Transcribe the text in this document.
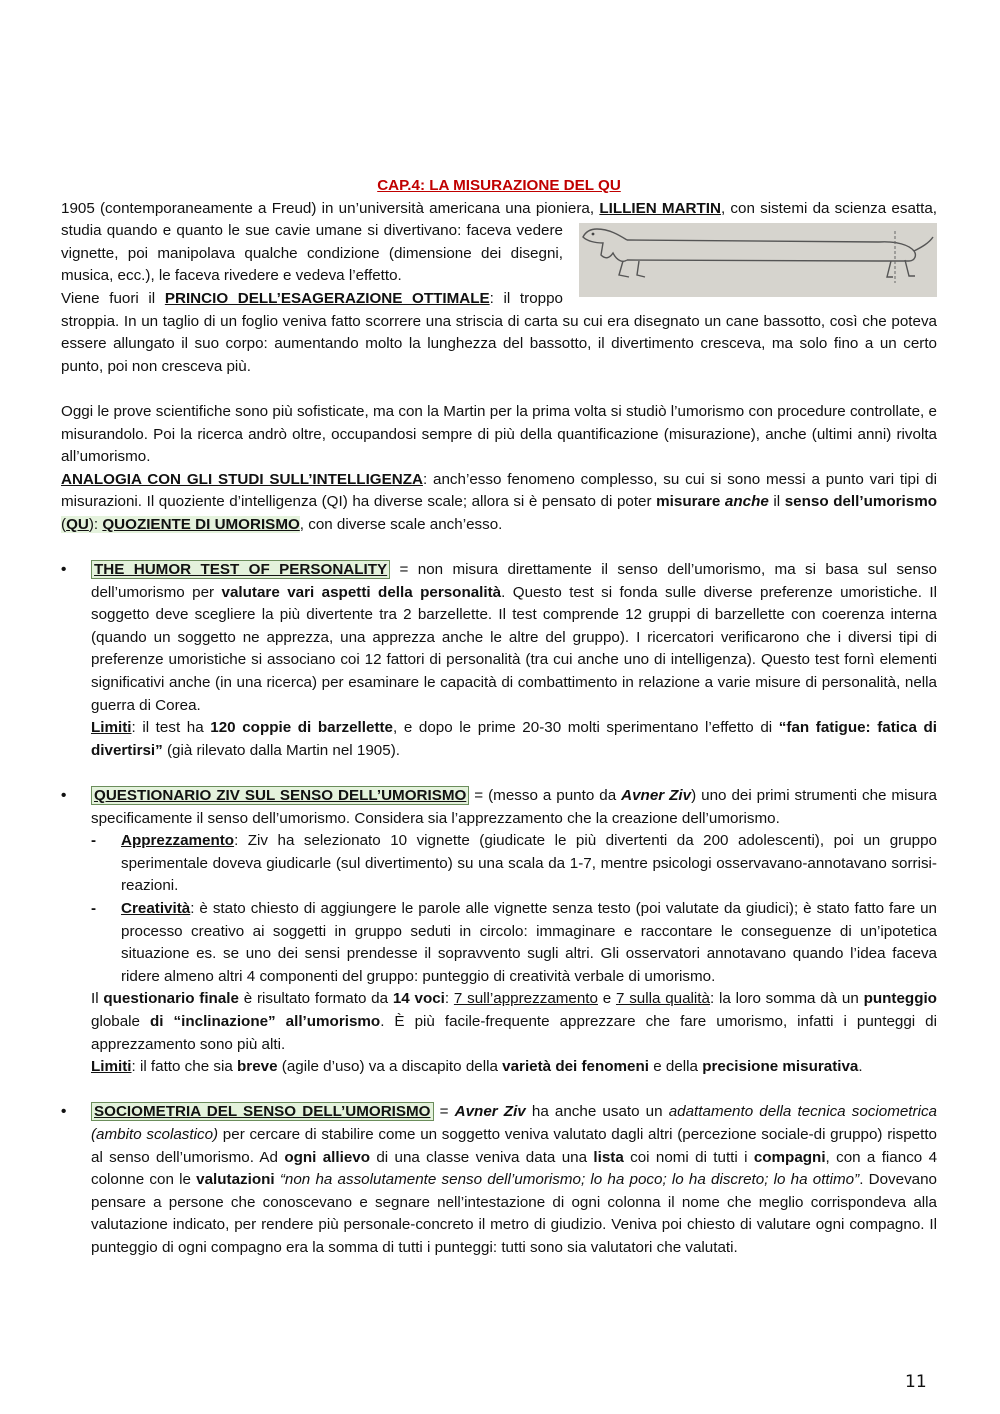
CAP.4: LA MISURAZIONE DEL QU

1905 (contemporaneamente a Freud) in un’università americana una pioniera, LILLIEN MARTIN
, con sistemi da scienza esatta, studia quando e quanto le sue cavie umane si divertivano: faceva vedere vignette, poi manipolava qualche condizione (dimensione dei disegni, musica, ecc.), le faceva rivedere e vedeva l’effetto.

Viene fuori il PRINCIO DELL’ESAGERAZIONE OTTIMALE: il troppo stroppia. In un taglio di un foglio veniva fatto scorrere una striscia di carta su cui era disegnato un cane bassotto, così che poteva essere allungato il suo corpo: aumentando molto la lunghezza del bassotto, il divertimento cresceva, ma solo fino a un certo punto, poi non cresceva più.

Oggi le prove scientifiche sono più sofisticate, ma con la Martin per la prima volta si studiò l’umorismo con procedure controllate, e misurandolo. Poi la ricerca andrò oltre, occupandosi sempre di più della quantificazione (misurazione), anche (ultimi anni) rivolta all’umorismo.

ANALOGIA CON GLI STUDI SULL’INTELLIGENZA: anch’esso fenomeno complesso, su cui si sono messi a punto vari tipi di misurazioni. Il quoziente d’intelligenza (QI) ha diverse scale; allora si è pensato di poter misurare anche il senso dell’umorismo (QU): QUOZIENTE DI UMORISMO, con diverse scale anch’esso.

• THE HUMOR TEST OF PERSONALITY = non misura direttamente il senso dell’umorismo, ma si basa sul senso dell’umorismo per valutare vari aspetti della personalità. Questo test si fonda sulle diverse preferenze umoristiche. Il soggetto deve scegliere la più divertente tra 2 barzellette. Il test comprende 12 gruppi di barzellette con coerenza interna (quando un soggetto ne apprezza, una apprezza anche le altre del gruppo). I ricercatori verificarono che i diversi tipi di preferenze umoristiche si associano coi 12 fattori di personalità (tra cui anche uno di intelligenza). Questo test fornì elementi significativi anche (in una ricerca) per esaminare le capacità di combattimento in relazione a varie misure di personalità, nella guerra di Corea.

Limiti: il test ha 120 coppie di barzellette, e dopo le prime 20-30 molti sperimentano l’effetto di “fan fatigue: fatica di divertirsi” (già rilevato dalla Martin nel 1905).

• QUESTIONARIO ZIV SUL SENSO DELL’UMORISMO = (messo a punto da Avner Ziv) uno dei primi strumenti che misura specificamente il senso dell’umorismo. Considera sia l’apprezzamento che la creazione dell’umorismo.

- Apprezzamento: Ziv ha selezionato 10 vignette (giudicate le più divertenti da 200 adolescenti), poi un gruppo sperimentale doveva giudicarle (sul divertimento) su una scala da 1-7, mentre psicologi osservavano-annotavano sorrisi-reazioni.

- Creatività: è stato chiesto di aggiungere le parole alle vignette senza testo (poi valutate da giudici); è stato fatto fare un processo creativo ai soggetti in gruppo seduti in circolo: immaginare e raccontare le conseguenze di un’ipotetica situazione es. se uno dei sensi prendesse il sopravvento sugli altri. Gli osservatori annotavano quando l’idea faceva ridere almeno altri 4 componenti del gruppo: punteggio di creatività verbale di umorismo.

Il questionario finale è risultato formato da 14 voci: 7 sull’apprezzamento e 7 sulla qualità: la loro somma dà un punteggio globale di “inclinazione” all’umorismo. È più facile-frequente apprezzare che fare umorismo, infatti i punteggi di apprezzamento sono più alti.

Limiti: il fatto che sia breve (agile d’uso) va a discapito della varietà dei fenomeni e della precisione misurativa.

• SOCIOMETRIA DEL SENSO DELL’UMORISMO = Avner Ziv ha anche usato un adattamento della tecnica sociometrica (ambito scolastico) per cercare di stabilire come un soggetto veniva valutato dagli altri (percezione sociale-di gruppo) rispetto al senso dell’umorismo. Ad ogni allievo di una classe veniva data una lista coi nomi di tutti i compagni, con a fianco 4 colonne con le valutazioni “non ha assolutamente senso dell’umorismo; lo ha poco; lo ha discreto; lo ha ottimo”. Dovevano pensare a persone che conoscevano e segnare nell’intestazione di ogni colonna il nome che meglio corrispondeva alla valutazione indicato, per rendere più personale-concreto il metro di giudizio. Veniva poi chiesto di valutare ogni compagno. Il punteggio di ogni compagno era la somma di tutti i punteggi: tutti sono sia valutatori che valutati.

11
